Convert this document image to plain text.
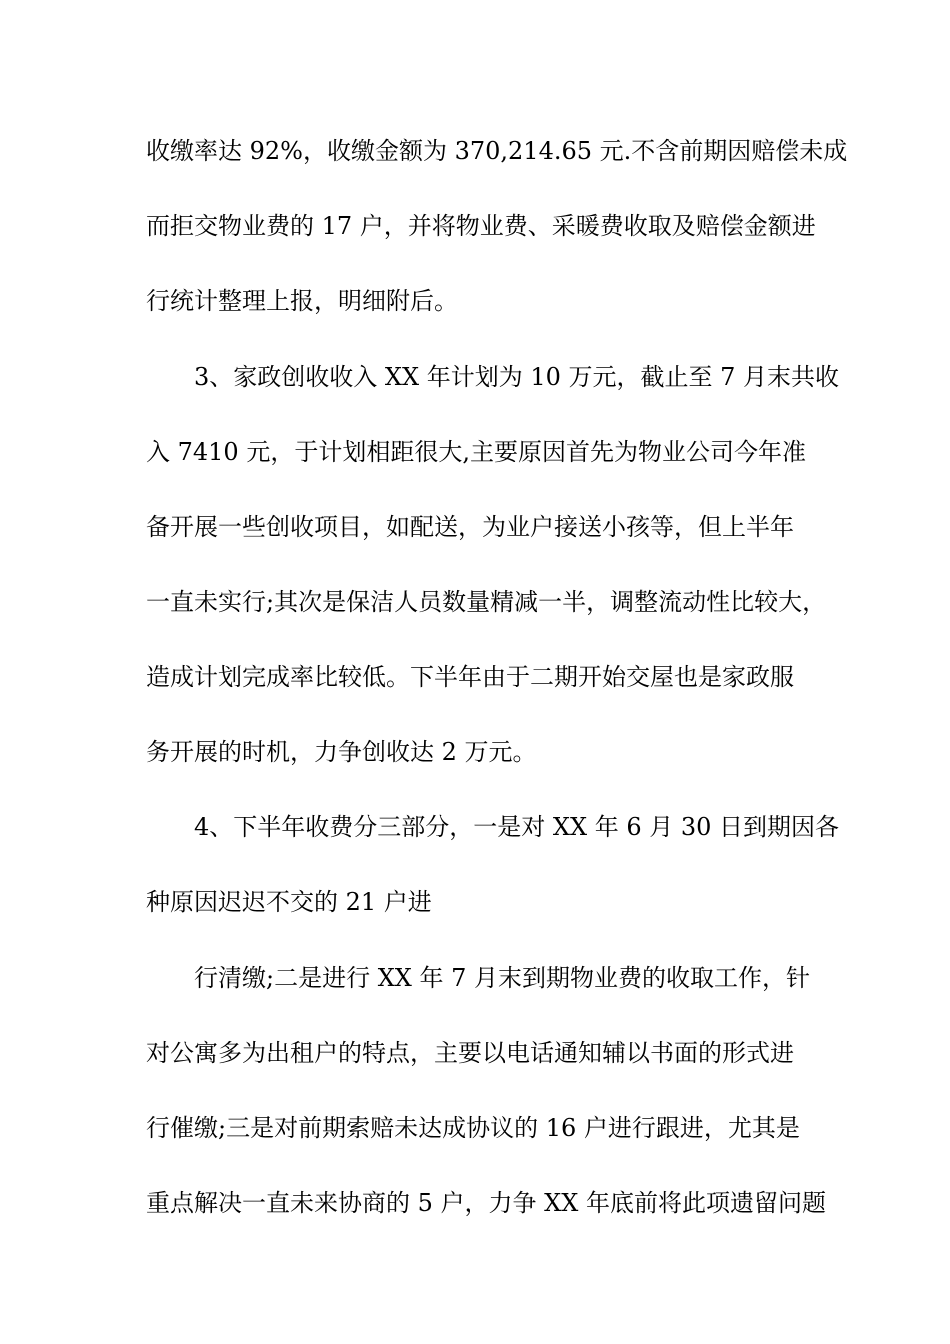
收缴率达 92%，收缴金额为 370,214.65 元.不含前期因赔偿未成
而拒交物业费的 17 户，并将物业费、采暖费收取及赔偿金额进
行统计整理上报，明细附后。
3、家政创收收入 XX 年计划为 10 万元，截止至 7 月末共收
入 7410 元，于计划相距很大,主要原因首先为物业公司今年准
备开展一些创收项目，如配送，为业户接送小孩等，但上半年
一直未实行;其次是保洁人员数量精减一半，调整流动性比较大，
造成计划完成率比较低。下半年由于二期开始交屋也是家政服
务开展的时机，力争创收达 2 万元。
4、下半年收费分三部分，一是对 XX 年 6 月 30 日到期因各
种原因迟迟不交的 21 户进
行清缴;二是进行 XX 年 7 月末到期物业费的收取工作，针
对公寓多为出租户的特点，主要以电话通知辅以书面的形式进
行催缴;三是对前期索赔未达成协议的 16 户进行跟进，尤其是
重点解决一直未来协商的 5 户，力争 XX 年底前将此项遗留问题
